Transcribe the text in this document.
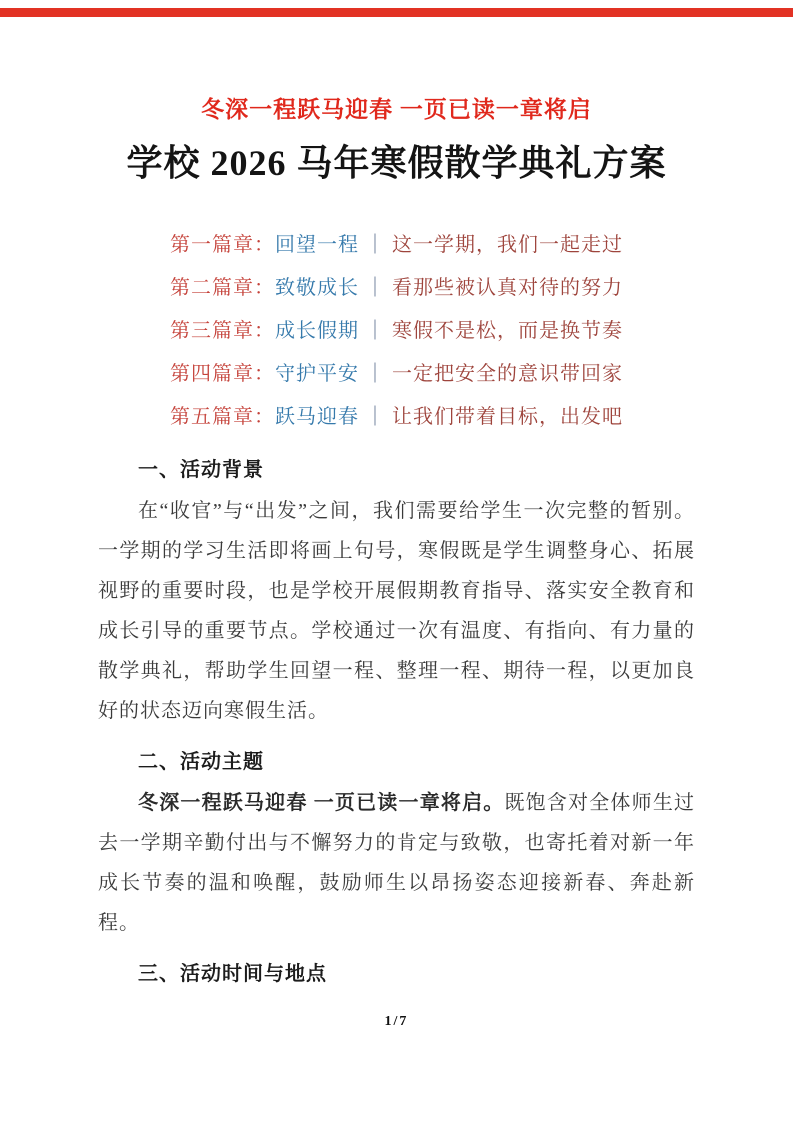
冬深一程跃马迎春 一页已读一章将启
学校 2026 马年寒假散学典礼方案
第一篇章：回望一程 ｜ 这一学期，我们一起走过
第二篇章：致敬成长 ｜ 看那些被认真对待的努力
第三篇章：成长假期 ｜ 寒假不是松，而是换节奏
第四篇章：守护平安 ｜ 一定把安全的意识带回家
第五篇章：跃马迎春 ｜ 让我们带着目标，出发吧
一、活动背景

在“收官”与“出发”之间，我们需要给学生一次完整的暂别。一学期的学习生活即将画上句号，寒假既是学生调整身心、拓展视野的重要时段，也是学校开展假期教育指导、落实安全教育和成长引导的重要节点。学校通过一次有温度、有指向、有力量的散学典礼，帮助学生回望一程、整理一程、期待一程，以更加良好的状态迈向寒假生活。

二、活动主题

冬深一程跃马迎春 一页已读一章将启。既饱含对全体师生过去一学期辛勤付出与不懈努力的肯定与致敬，也寄托着对新一年成长节奏的温和唤醒，鼓励师生以昂扬姿态迎接新春、奔赴新程。

三、活动时间与地点
1/7
